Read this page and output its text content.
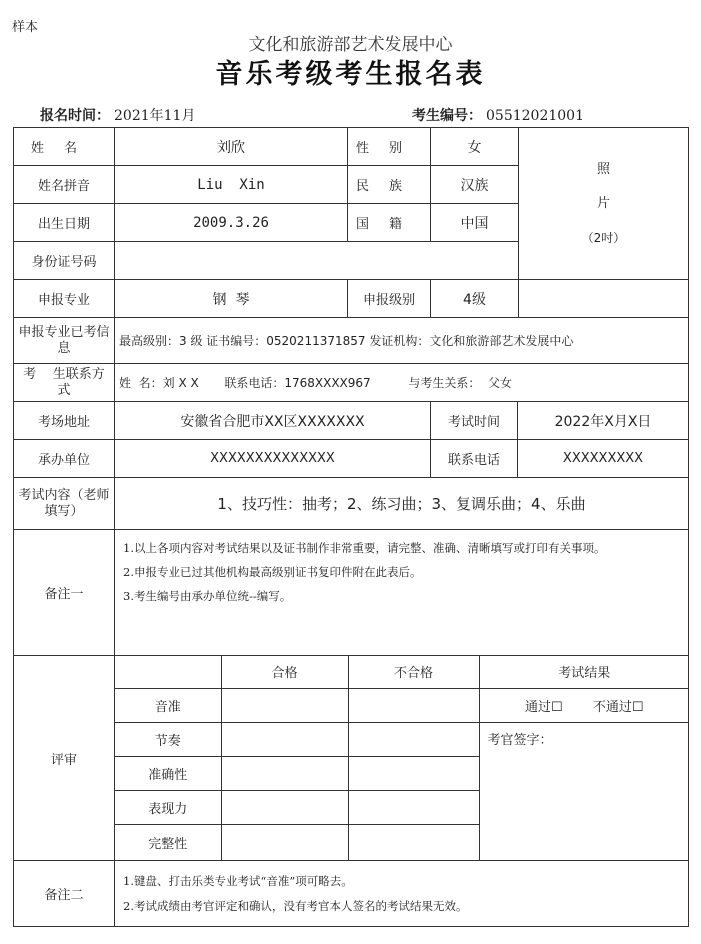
样本
文化和旅游部艺术发展中心
音乐考级考生报名表
报名时间： 2021年11月	考生编号： 05512021001
姓名	刘欣	性别	女	
照
片
（2吋）

姓名拼音	Liu  Xin	民族	汉族
出生日期	2009.3.26	国籍	中国
身份证号码	
申报专业	钢  琴	申报级别	4级	
申报专业已考信息	最高级别：3 级 证书编号：0520211371857 发证机构：文化和旅游部艺术发展中心
考    生联系方式	姓  名：刘 X X 联系电话：1768XXXX967	与考生关系：  父女
考场地址	安徽省合肥市XX区XXXXXXX	考试时间	2022年X月X日
承办单位	XXXXXXXXXXXXXX	联系电话	XXXXXXXXX
考试内容（老师填写）	1、技巧性：抽考；2、练习曲；3、复调乐曲；4、乐曲
备注一	
1.以上各项内容对考试结果以及证书制作非常重要，请完整、准确、清晰填写或打印有关事项。
2.申报专业已过其他机构最高级别证书复印件附在此表后。
3.考生编号由承办单位统--编写。

评审	
	合格	不合格	考试结果
音准			通过☐ 不通过☐
节奏			考官签字：
准确性		
表现力		
完整性		

备注二	
1.键盘、打击乐类专业考试“音准”项可略去。
2.考试成绩由考官评定和确认，没有考官本人签名的考试结果无效。
